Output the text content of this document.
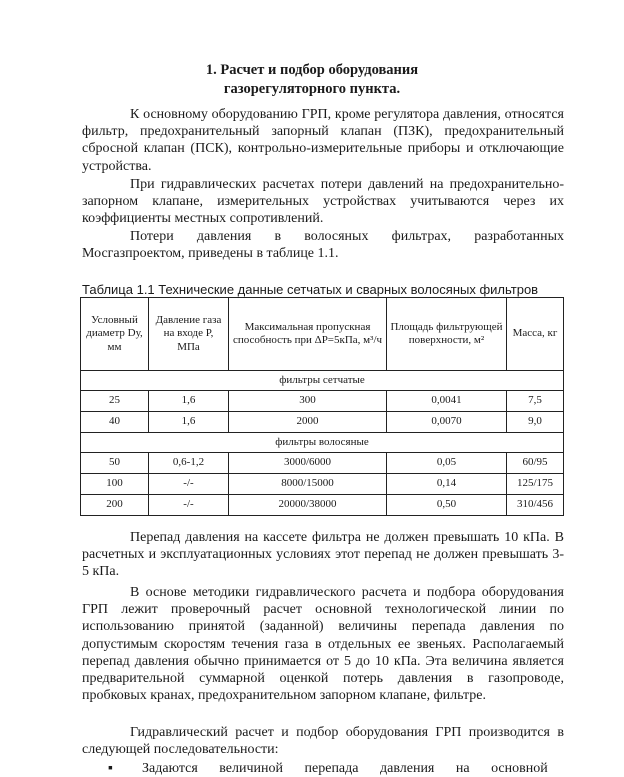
1. Расчет и подбор оборудования
газорегуляторного пункта.
К основному оборудованию ГРП, кроме регулятора давления, относятся фильтр, предохранительный запорный клапан (ПЗК), предохранительный сбросной клапан (ПСК), контрольно-измерительные приборы и отключающие устройства.
При гидравлических расчетах потери давлений на предохранительно-запорном клапане, измерительных устройствах учитываются через их коэффициенты местных сопротивлений.
Потери давления в волосяных фильтрах, разработанных Мосгазпроектом, приведены в таблице 1.1.
Таблица 1.1 Технические данные сетчатых и сварных волосяных фильтров
Условный диаметр Dу, мм	Давление газа на входе P, МПа	Максимальная пропускная способность при ΔP=5кПа, м³/ч	Площадь фильтрующей поверхности, м²	Масса, кг
фильтры сетчатые				
25	1,6	300	0,0041	7,5
40	1,6	2000	0,0070	9,0
фильтры волосяные				
50	0,6-1,2	3000/6000	0,05	60/95
100	-/-	8000/15000	0,14	125/175
200	-/-	20000/38000	0,50	310/456
Перепад давления на кассете фильтра не должен превышать 10 кПа. В расчетных и эксплуатационных условиях этот перепад не должен превышать 3-5 кПа.
В основе методики гидравлического расчета и подбора оборудования ГРП лежит проверочный расчет основной технологической линии по использованию принятой (заданной) величины перепада давления по допустимым скоростям течения газа в отдельных ее звеньях. Располагаемый перепад давления обычно принимается от 5 до 10 кПа. Эта величина является предварительной суммарной оценкой потерь давления в газопроводе, пробковых кранах, предохранительном запорном клапане, фильтре.
Гидравлический расчет и подбор оборудования ГРП производится в следующей последовательности:
▪ Задаются величиной перепада давления на основной
